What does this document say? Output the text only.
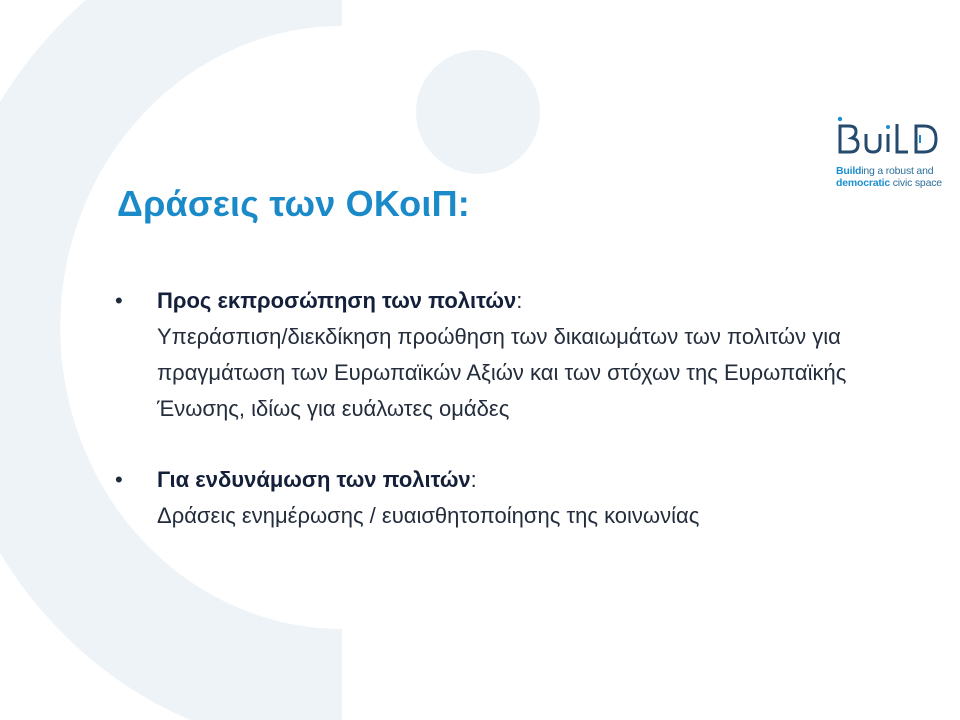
Building a robust and
democratic civic space
Δράσεις των ΟΚοιΠ:
• Προς εκπροσώπηση των πολιτών:
Υπεράσπιση/διεκδίκηση προώθηση των δικαιωμάτων των πολιτών για πραγμάτωση των Ευρωπαϊκών Αξιών και των στόχων της Ευρωπαϊκής Ένωσης, ιδίως για ευάλωτες ομάδες
• Για ενδυνάμωση των πολιτών:
Δράσεις ενημέρωσης / ευαισθητοποίησης της κοινωνίας
